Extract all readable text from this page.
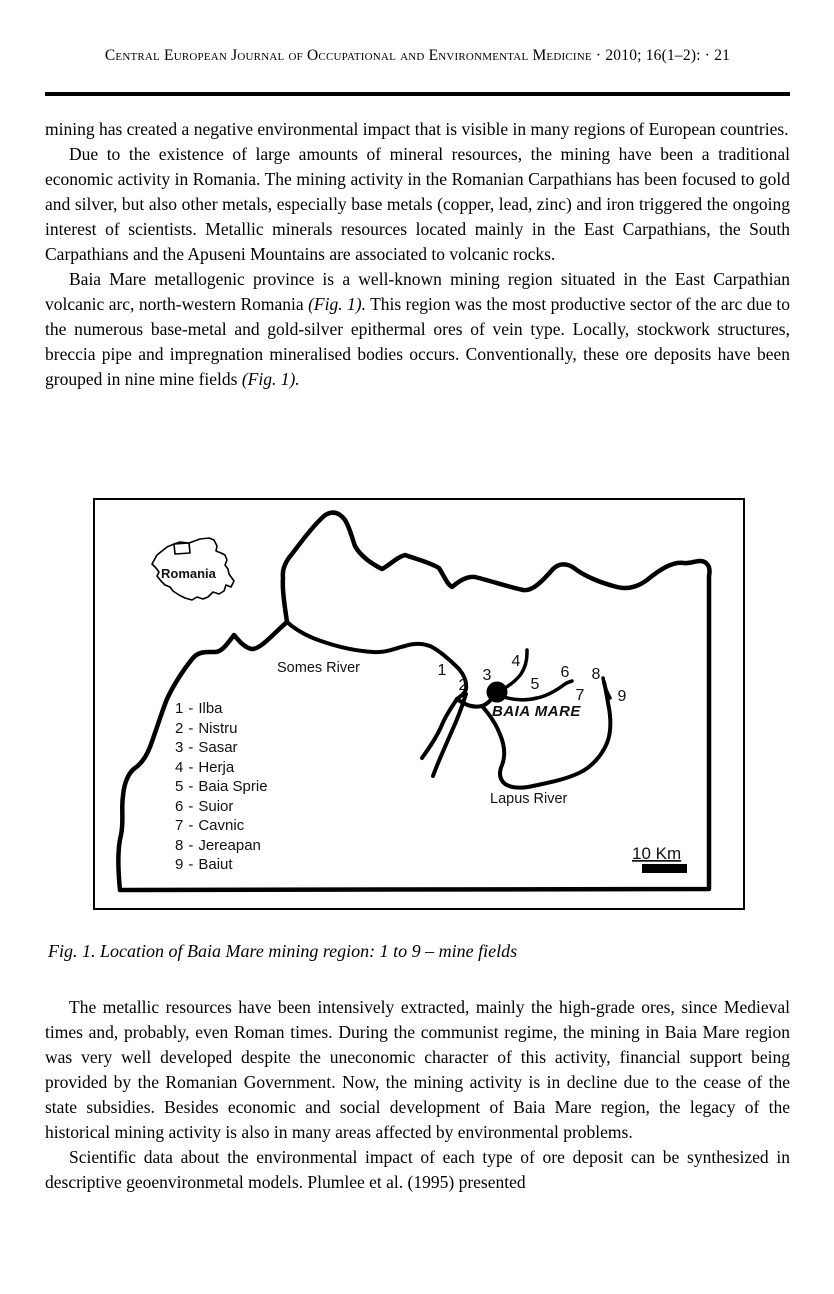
Central European Journal of Occupational and Environmental Medicine · 2010; 16(1–2): · 21

mining has created a negative environmental impact that is visible in many regions of European countries.

Due to the existence of large amounts of mineral resources, the mining have been a traditional economic activity in Romania. The mining activity in the Romanian Carpathians has been focused to gold and silver, but also other metals, especially base metals (copper, lead, zinc) and iron triggered the ongoing interest of scientists. Metallic minerals resources located mainly in the East Carpathians, the South Carpathians and the Apuseni Mountains are associated to volcanic rocks.

Baia Mare metallogenic province is a well-known mining region situated in the East Carpathian volcanic arc, north-western Romania (Fig. 1). This region was the most productive sector of the arc due to the numerous base-metal and gold-silver epithermal ores of vein type. Locally, stockwork structures, breccia pipe and impregnation mineralised bodies occurs. Conventionally, these ore deposits have been grouped in nine mine fields (Fig. 1).

Romania
Somes River
Lapus River
BAIA MARE
1
2
3
4
5
6
7
8
9
10 Km
1 - Ilba
2 - Nistru
3 - Sasar
4 - Herja
5 - Baia Sprie
6 - Suior
7 - Cavnic
8 - Jereapan
9 - Baiut
Fig. 1. Location of Baia Mare mining region: 1 to 9 – mine fields

The metallic resources have been intensively extracted, mainly the high-grade ores, since Medieval times and, probably, even Roman times. During the communist regime, the mining in Baia Mare region was very well developed despite the uneconomic character of this activity, financial support being provided by the Romanian Government. Now, the mining activity is in decline due to the cease of the state subsidies. Besides economic and social development of Baia Mare region, the legacy of the historical mining activity is also in many areas affected by environmental problems.

Scientific data about the environmental impact of each type of ore deposit can be synthesized in descriptive geoenvironmetal models. Plumlee et al. (1995) presented
